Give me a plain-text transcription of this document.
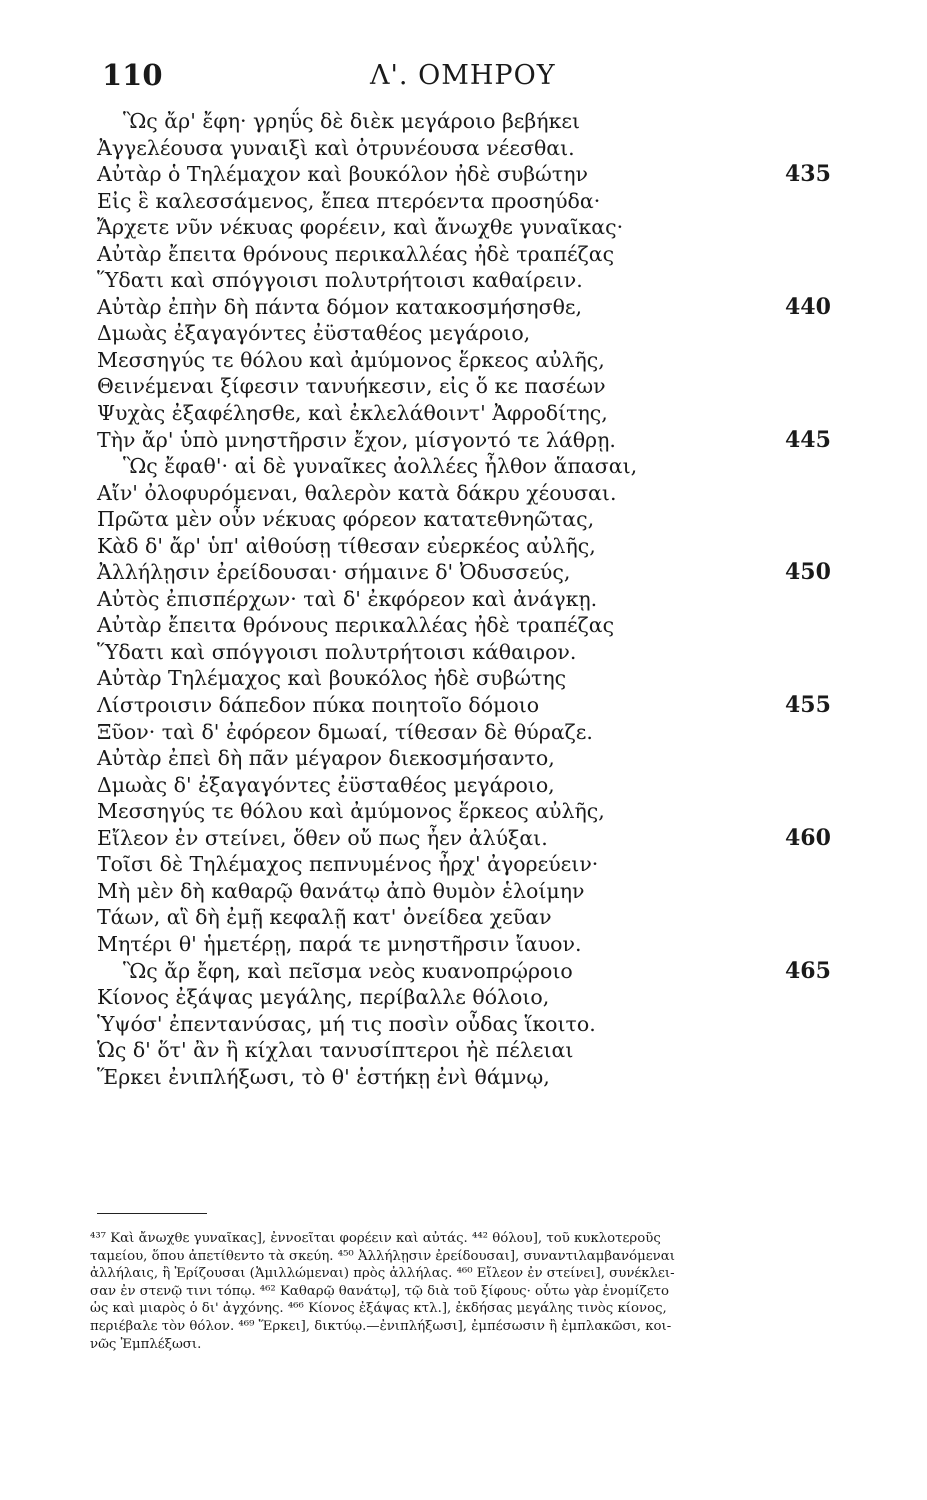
110	Λ'. ΟΜΗΡΟΥ
Ὣς ἄρ' ἔφη· γρηΰς δὲ διὲκ μεγάροιο βεβήκει
Ἀγγελέουσα γυναιξὶ καὶ ὀτρυνέουσα νέεσθαι.
Αὐτὰρ ὁ Τηλέμαχον καὶ βουκόλον ἠδὲ συβώτην	435
Εἰς ἓ καλεσσάμενος, ἔπεα πτερόεντα προσηύδα·
Ἄρχετε νῦν νέκυας φορέειν, καὶ ἄνωχθε γυναῖκας·
Αὐτὰρ ἔπειτα θρόνους περικαλλέας ἠδὲ τραπέζας
Ὕδατι καὶ σπόγγοισι πολυτρήτοισι καθαίρειν.
Αὐτὰρ ἐπὴν δὴ πάντα δόμον κατακοσμήσησθε,	440
Δμωὰς ἐξαγαγόντες ἐϋσταθέος μεγάροιο,
Μεσσηγύς τε θόλου καὶ ἀμύμονος ἕρκεος αὐλῆς,
Θεινέμεναι ξίφεσιν τανυήκεσιν, εἰς ὅ κε πασέων
Ψυχὰς ἐξαφέλησθε, καὶ ἐκλελάθοιντ' Ἀφροδίτης,
Τὴν ἄρ' ὑπὸ μνηστῆρσιν ἔχον, μίσγοντό τε λάθρῃ.	445
Ὣς ἔφαθ'· αἱ δὲ γυναῖκες ἀολλέες ἦλθον ἅπασαι,
Αἴν' ὀλοφυρόμεναι, θαλερὸν κατὰ δάκρυ χέουσαι.
Πρῶτα μὲν οὖν νέκυας φόρεον κατατεθνηῶτας,
Κὰδ δ' ἄρ' ὑπ' αἰθούσῃ τίθεσαν εὐερκέος αὐλῆς,
Ἀλλήλῃσιν ἐρείδουσαι· σήμαινε δ' Ὀδυσσεύς,	450
Αὐτὸς ἐπισπέρχων· ταὶ δ' ἐκφόρεον καὶ ἀνάγκῃ.
Αὐτὰρ ἔπειτα θρόνους περικαλλέας ἠδὲ τραπέζας
Ὕδατι καὶ σπόγγοισι πολυτρήτοισι κάθαιρον.
Αὐτὰρ Τηλέμαχος καὶ βουκόλος ἠδὲ συβώτης
Λίστροισιν δάπεδον πύκα ποιητοῖο δόμοιο	455
Ξῦον· ταὶ δ' ἐφόρεον δμωαί, τίθεσαν δὲ θύραζε.
Αὐτὰρ ἐπεὶ δὴ πᾶν μέγαρον διεκοσμήσαντο,
Δμωὰς δ' ἐξαγαγόντες ἐϋσταθέος μεγάροιο,
Μεσσηγύς τε θόλου καὶ ἀμύμονος ἕρκεος αὐλῆς,
Εἴλεον ἐν στείνει, ὅθεν οὔ πως ἦεν ἀλύξαι.	460
Τοῖσι δὲ Τηλέμαχος πεπνυμένος ἦρχ' ἀγορεύειν·
Μὴ μὲν δὴ καθαρῷ θανάτῳ ἀπὸ θυμὸν ἑλοίμην
Τάων, αἳ δὴ ἐμῇ κεφαλῇ κατ' ὀνείδεα χεῦαν
Μητέρι θ' ἡμετέρῃ, παρά τε μνηστῆρσιν ἴαυον.
Ὣς ἄρ ἔφη, καὶ πεῖσμα νεὸς κυανοπρῴροιο	465
Κίονος ἐξάψας μεγάλης, περίβαλλε θόλοιο,
Ὑψόσ' ἐπεντανύσας, μή τις ποσὶν οὖδας ἵκοιτο.
Ὡς δ' ὅτ' ἂν ἢ κίχλαι τανυσίπτεροι ἠὲ πέλειαι
Ἕρκει ἐνιπλήξωσι, τὸ θ' ἑστήκῃ ἐνὶ θάμνῳ,
⁴³⁷ Καὶ ἄνωχθε γυναῖκας], ἐννοεῖται φορέειν καὶ αὐτάς. ⁴⁴² θόλου], τοῦ κυκλοτεροῦς
ταμείου, ὅπου ἀπετίθεντο τὰ σκεύη. ⁴⁵⁰ Ἀλλήλῃσιν ἐρείδουσαι], συναντιλαμβανόμεναι
ἀλλήλαις, ἢ Ἐρίζουσαι (Ἁμιλλώμεναι) πρὸς ἀλλήλας. ⁴⁶⁰ Εἴλεον ἐν στείνει], συνέκλει-
σαν ἐν στενῷ τινι τόπῳ. ⁴⁶² Καθαρῷ θανάτῳ], τῷ διὰ τοῦ ξίφους· οὗτω γὰρ ἐνομίζετο
ὡς καὶ μιαρὸς ὁ δι' ἀγχόνης. ⁴⁶⁶ Κίονος ἐξάψας κτλ.], ἐκδήσας μεγάλης τινὸς κίονος,
περιέβαλε τὸν θόλον. ⁴⁶⁹ Ἕρκει], δικτύῳ.—ἐνιπλήξωσι], ἐμπέσωσιν ἢ ἐμπλακῶσι, κοι-
νῶς Ἐμπλέξωσι.
